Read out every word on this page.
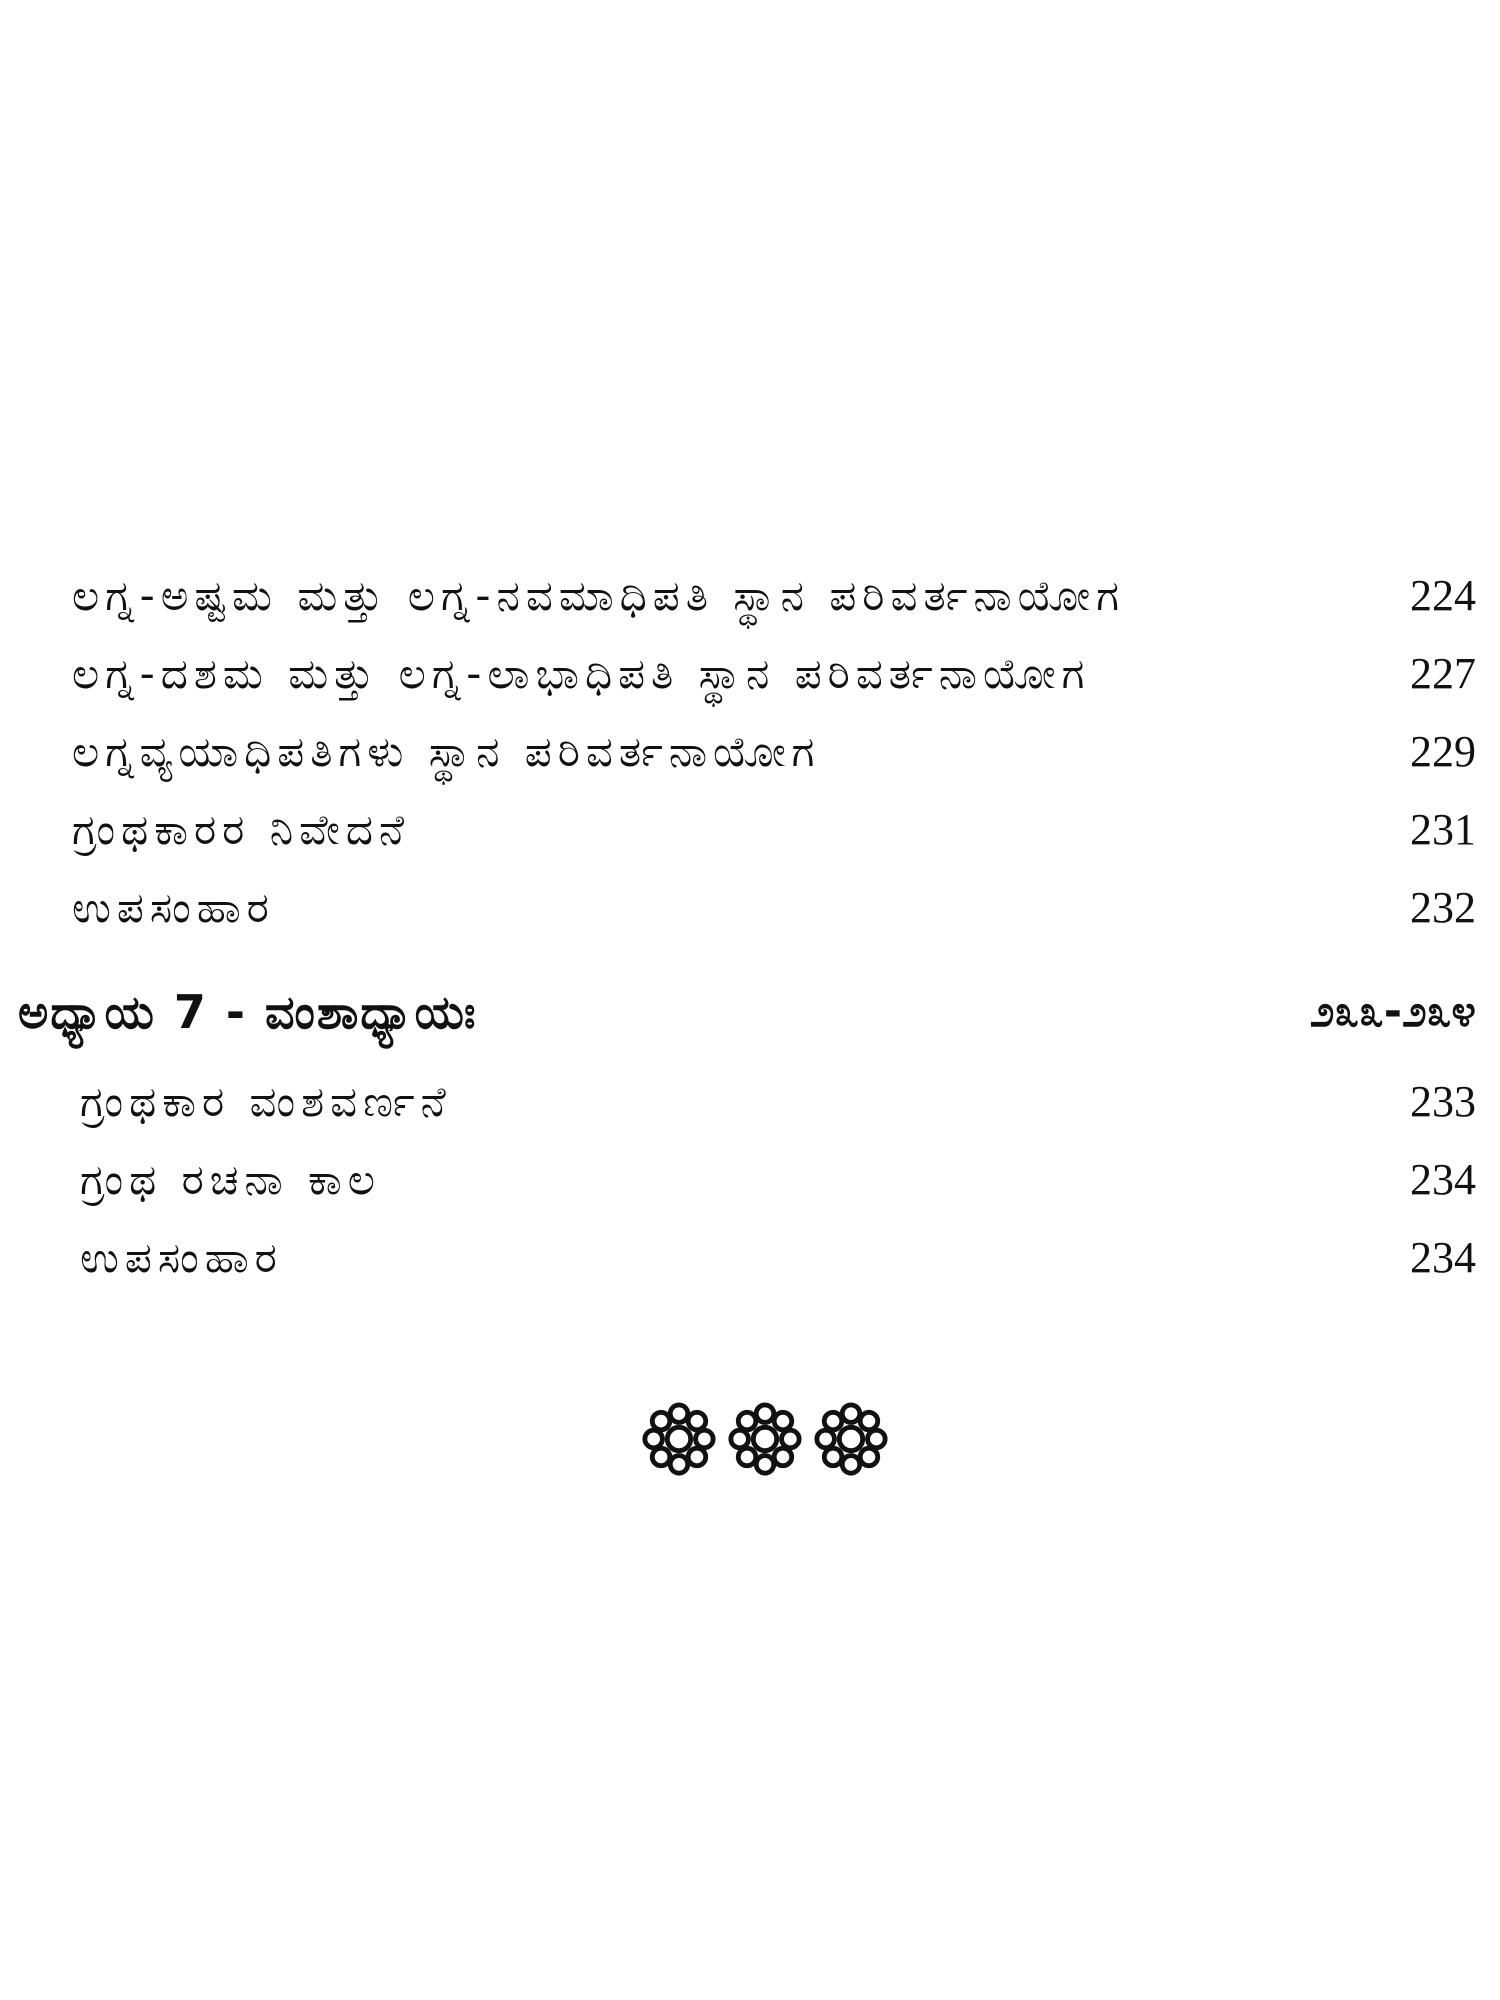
ಲಗ್ನ-ಅಷ್ಟಮ ಮತ್ತು ಲಗ್ನ-ನವಮಾಧಿಪತಿ ಸ್ಥಾನ ಪರಿವರ್ತನಾಯೋಗ	224
ಲಗ್ನ-ದಶಮ ಮತ್ತು ಲಗ್ನ-ಲಾಭಾಧಿಪತಿ ಸ್ಥಾನ ಪರಿವರ್ತನಾಯೋಗ	227
ಲಗ್ನವ್ಯಯಾಧಿಪತಿಗಳು ಸ್ಥಾನ ಪರಿವರ್ತನಾಯೋಗ	229
ಗ್ರಂಥಕಾರರ ನಿವೇದನೆ	231
ಉಪಸಂಹಾರ	232
ಅಧ್ಯಾಯ 7 - ವಂಶಾಧ್ಯಾಯಃ	೨೩೩-೨೩೪
ಗ್ರಂಥಕಾರ ವಂಶವರ್ಣನೆ	233
ಗ್ರಂಥ ರಚನಾ ಕಾಲ	234
ಉಪಸಂಹಾರ	234
